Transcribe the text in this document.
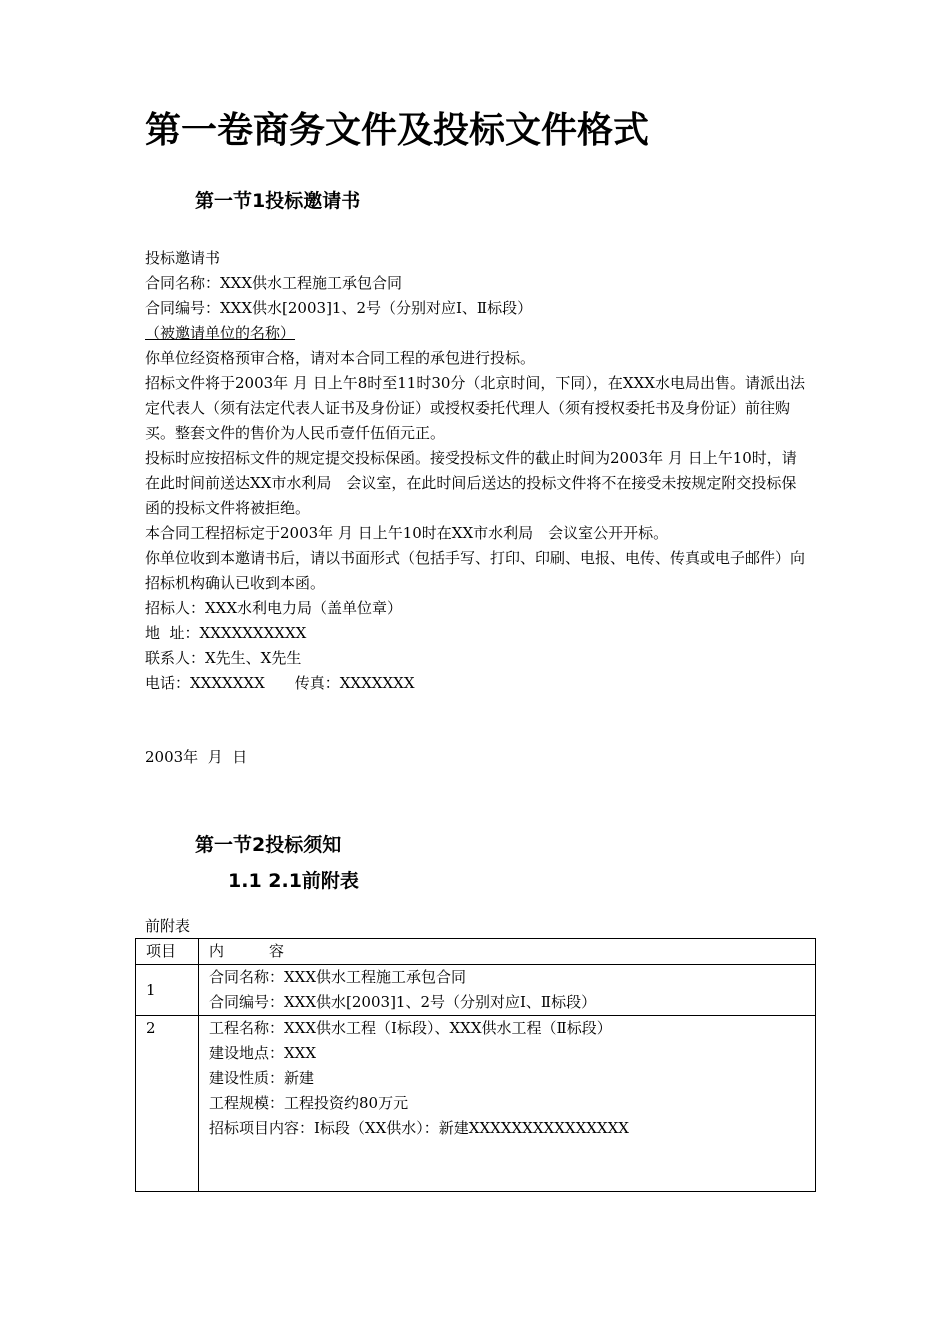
第一卷商务文件及投标文件格式
第一节1投标邀请书

投标邀请书

合同名称：XXX供水工程施工承包合同

合同编号：XXX供水[2003]1、2号（分别对应Ⅰ、Ⅱ标段）

（被邀请单位的名称）

你单位经资格预审合格，请对本合同工程的承包进行投标。

招标文件将于2003年 月 日上午8时至11时30分（北京时间，下同），在XXX水电局出售。请派出法定代表人（须有法定代表人证书及身份证）或授权委托代理人（须有授权委托书及身份证）前往购买。整套文件的售价为人民币壹仟伍佰元正。

投标时应按招标文件的规定提交投标保函。接受投标文件的截止时间为2003年 月 日上午10时，请在此时间前送达XX市水利局　会议室，在此时间后送达的投标文件将不在接受未按规定附交投标保函的投标文件将被拒绝。

本合同工程招标定于2003年 月 日上午10时在XX市水利局　会议室公开开标。

你单位收到本邀请书后，请以书面形式（包括手写、打印、印刷、电报、电传、传真或电子邮件）向招标机构确认已收到本函。

招标人：XXX水利电力局（盖单位章）

地  址：XXXXXXXXXX

联系人：X先生、X先生

电话：XXXXXXX　　传真：XXXXXXX

2003年  月  日
第一节2投标须知
1.1 2.1前附表
前附表
项目	内　　　容
1	合同名称：XXX供水工程施工承包合同
合同编号：XXX供水[2003]1、2号（分别对应Ⅰ、Ⅱ标段）

2	工程名称：XXX供水工程（Ⅰ标段）、XXX供水工程（Ⅱ标段）
建设地点：XXX
建设性质：新建
工程规模：工程投资约80万元
招标项目内容：Ⅰ标段（XX供水）：新建XXXXXXXXXXXXXXX
